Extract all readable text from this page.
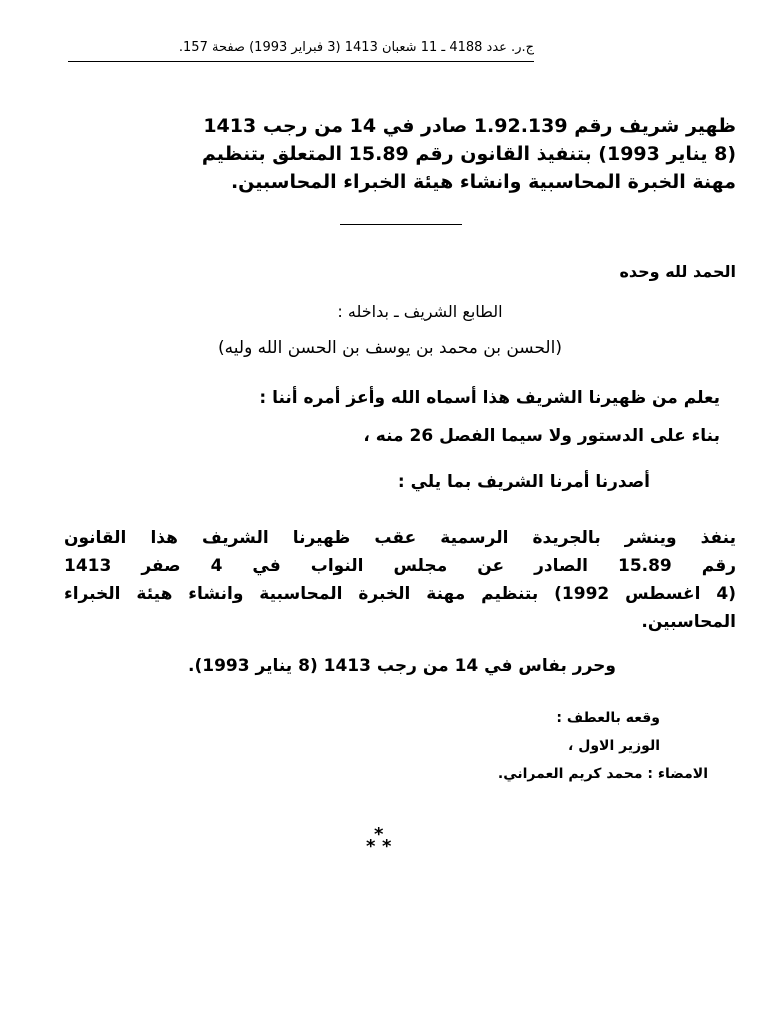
ج.ر. عدد 4188 ـ 11 شعبان 1413 (3 فبراير 1993) صفحة 157.
ظهير شريف رقم 1.92.139 صادر في 14 من رجب 1413
(8 يناير 1993) بتنفيذ القانون رقم 15.89 المتعلق بتنظيم
مهنة الخبرة المحاسبية وانشاء هيئة الخبراء المحاسبين.
الحمد لله وحده
الطابع الشريف ـ بداخله :
(الحسن بن محمد بن يوسف بن الحسن الله وليه)
يعلم من ظهيرنا الشريف هذا أسماه الله وأعز أمره أننا :
بناء على الدستور ولا سيما الفصل 26 منه ،
أصدرنا أمرنا الشريف بما يلي :
ينفذ وينشر بالجريدة الرسمية عقب ظهيرنا الشريف هذا القانون
رقم 15.89 الصادر عن مجلس النواب في 4 صفر 1413
(4 اغسطس 1992) بتنظيم مهنة الخبرة المحاسبية وانشاء هيئة الخبراء
المحاسبين.
وحرر بفاس في 14 من رجب 1413 (8 يناير 1993).
وقعه بالعطف :
الوزير الاول ،
الامضاء : محمد كريم العمراني.
*
* *
